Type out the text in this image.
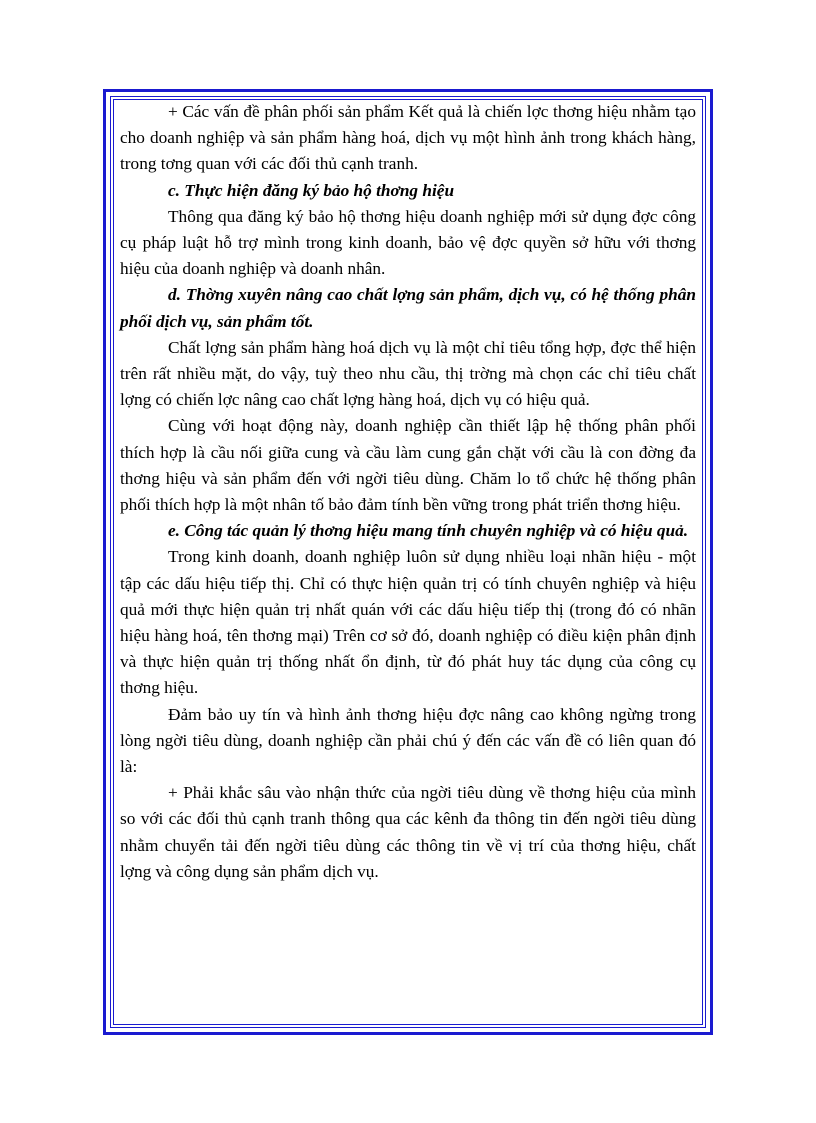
+ Các vấn đề phân phối sản phẩm Kết quả là chiến lợc thơng hiệu nhằm tạo cho doanh nghiệp và sản phẩm hàng hoá, dịch vụ một hình ảnh trong khách hàng, trong tơng quan với các đối thủ cạnh tranh.

c. Thực hiện đăng ký bảo hộ thơng hiệu

Thông qua đăng ký bảo hộ thơng hiệu doanh nghiệp mới sử dụng đợc công cụ pháp luật hỗ trợ mình trong kinh doanh, bảo vệ đợc quyền sở hữu với thơng hiệu của doanh nghiệp và doanh nhân.

d. Thờng xuyên nâng cao chất lợng sản phẩm, dịch vụ, có hệ thống phân phối dịch vụ, sản phẩm tốt.

Chất lợng sản phẩm hàng hoá dịch vụ là một chỉ tiêu tổng hợp, đợc thể hiện trên rất nhiều mặt, do vậy, tuỳ theo nhu cầu, thị trờng mà chọn các chỉ tiêu chất lợng có chiến lợc nâng cao chất lợng hàng hoá, dịch vụ có hiệu quả.

Cùng với hoạt động này, doanh nghiệp cần thiết lập hệ thống phân phối thích hợp là cầu nối giữa cung và cầu làm cung gắn chặt với cầu là con đờng đa thơng hiệu và sản phẩm đến với ngời tiêu dùng. Chăm lo tổ chức hệ thống phân phối thích hợp là một nhân tố bảo đảm tính bền vững trong phát triển thơng hiệu.

e. Công tác quản lý thơng hiệu mang tính chuyên nghiệp và có hiệu quả.

Trong kinh doanh, doanh nghiệp luôn sử dụng nhiều loại nhãn hiệu - một tập các dấu hiệu tiếp thị. Chỉ có thực hiện quản trị có tính chuyên nghiệp và hiệu quả mới thực hiện quản trị nhất quán với các dấu hiệu tiếp thị (trong đó có nhãn hiệu hàng hoá, tên thơng mại) Trên cơ sở đó, doanh nghiệp có điều kiện phân định và thực hiện quản trị thống nhất ổn định, từ đó phát huy tác dụng của công cụ thơng hiệu.

Đảm bảo uy tín và hình ảnh thơng hiệu đợc nâng cao không ngừng trong lòng ngời tiêu dùng, doanh nghiệp cần phải chú ý đến các vấn đề có liên quan đó là:

+ Phải khắc sâu vào nhận thức của ngời tiêu dùng về thơng hiệu của mình so với các đối thủ cạnh tranh thông qua các kênh đa thông tin đến ngời tiêu dùng nhằm chuyển tải đến ngời tiêu dùng các thông tin về vị trí của thơng hiệu, chất lợng và công dụng sản phẩm dịch vụ.
